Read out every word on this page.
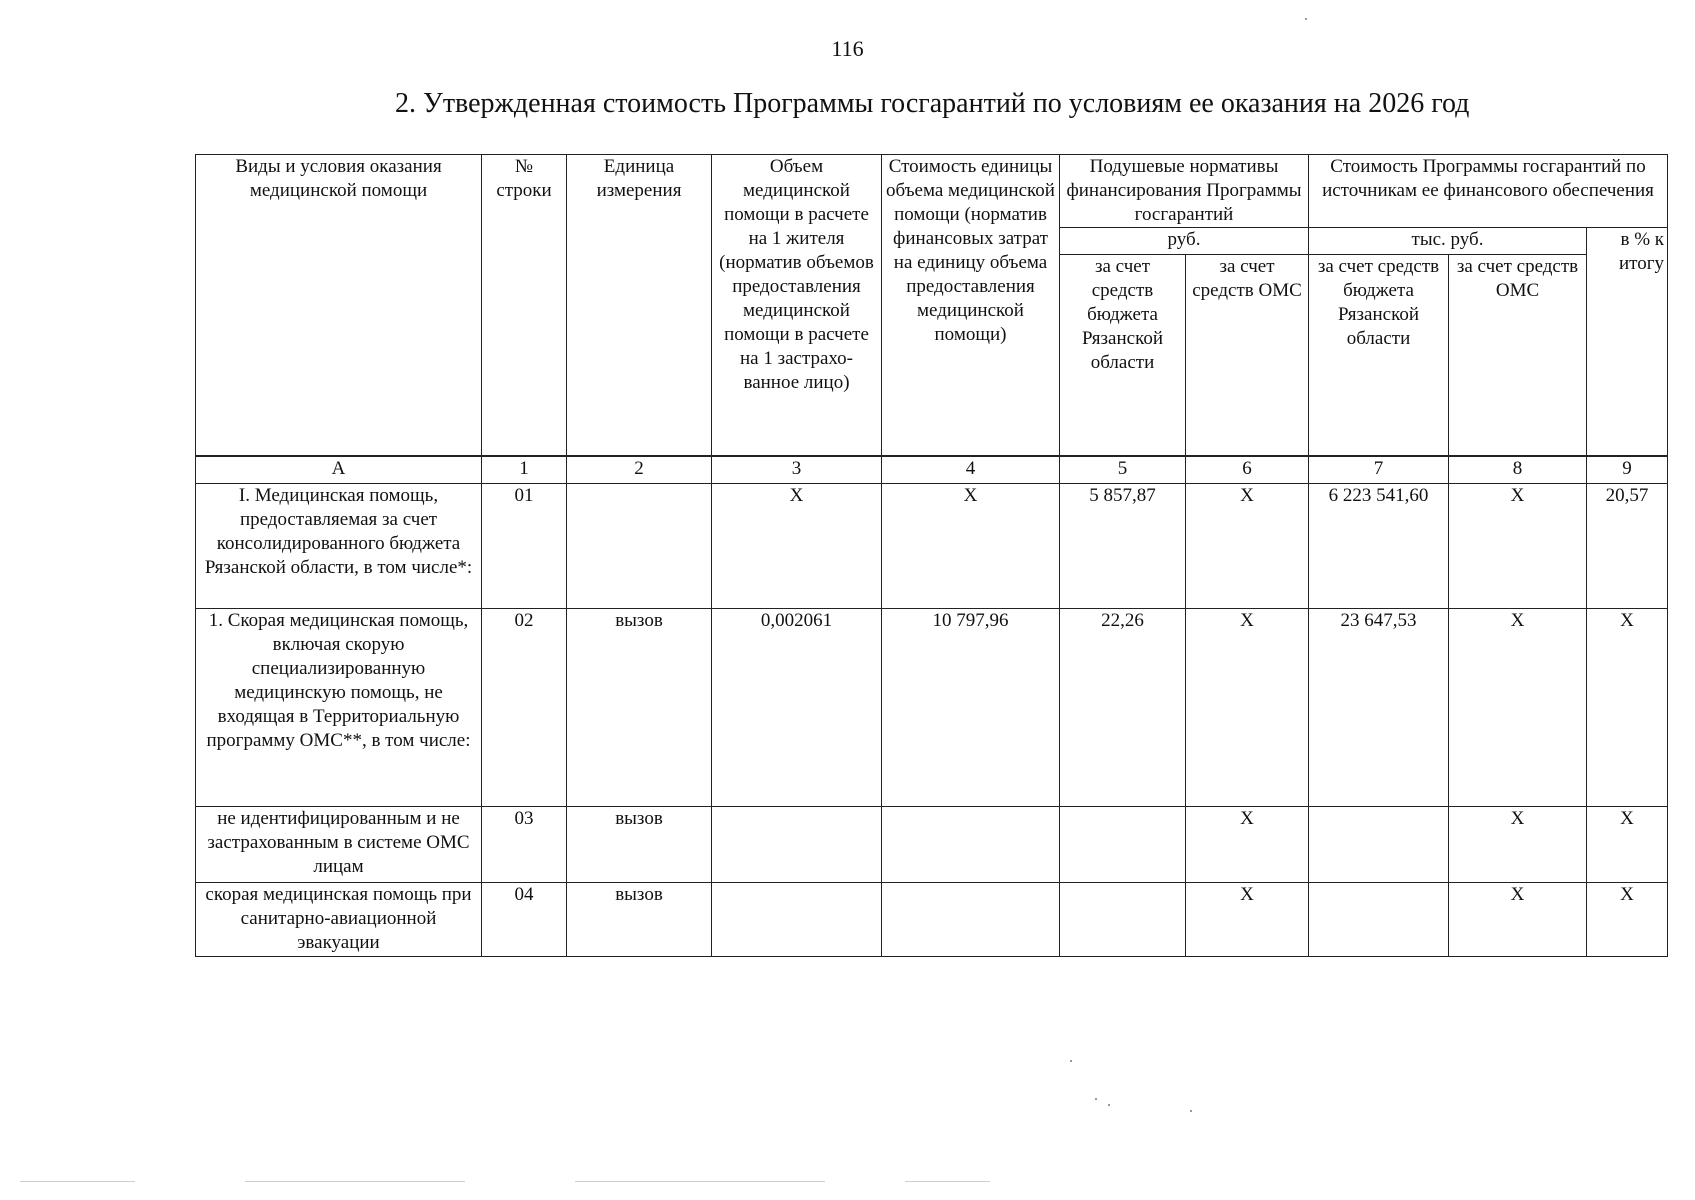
116
2. Утвержденная стоимость Программы госгарантий по условиям ее оказания на 2026 год
Виды и условия оказания медицинской помощи	№ строки	Единица измерения	Объем медицинской помощи в расчете на 1 жителя (норматив объемов предоставления медицинской помощи в расчете на 1 застрахо-ванное лицо)	Стоимость единицы объема медицинской помощи (норматив финансовых затрат на единицу объема предоставления медицинской помощи)	Подушевые нормативы финансирования Программы госгарантий		Стоимость Программы госгарантий по источникам ее финансового обеспечения		
					руб.		тыс. руб.		в % к итогу
					за счет средств бюджета Рязанской области	за счет средств ОМС	за счет средств бюджета Рязанской области	за счет средств ОМС	

А	1	2	3	4	5	6	7	8	9
I. Медицинская помощь, предоставляемая за счет консолидированного бюджета Рязанской области, в том числе*:	01		Х	Х	5 857,87	Х	6 223 541,60	Х	20,57
1. Скорая медицинская помощь, включая скорую специализированную медицинскую помощь, не входящая в Территориальную программу ОМС**, в том числе:	02	вызов	0,002061	10 797,96	22,26	Х	23 647,53	Х	Х
не идентифицированным и не застрахованным в системе ОМС лицам	03	вызов				Х		Х	Х
скорая медицинская помощь при санитарно-авиационной эвакуации	04	вызов				Х		Х	Х
